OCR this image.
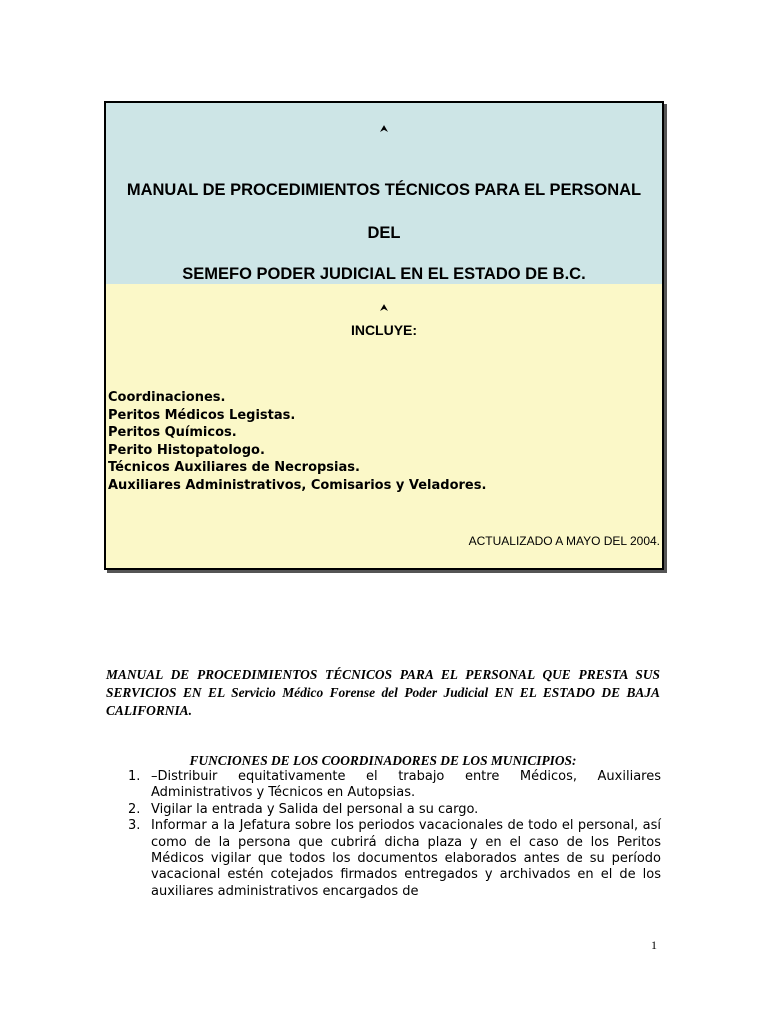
⮝
MANUAL DE PROCEDIMIENTOS TÉCNICOS PARA EL PERSONAL
DEL
SEMEFO PODER JUDICIAL EN EL ESTADO DE B.C.
⮝
INCLUYE:
Coordinaciones.
Peritos Médicos Legistas.
Peritos Químicos.
Perito Histopatologo.
Técnicos Auxiliares de Necropsias.
Auxiliares Administrativos, Comisarios y Veladores.
ACTUALIZADO A MAYO DEL 2004.

MANUAL DE PROCEDIMIENTOS TÉCNICOS PARA EL PERSONAL QUE PRESTA SUS SERVICIOS EN EL Servicio Médico Forense del Poder Judicial EN EL ESTADO DE BAJA CALIFORNIA.

FUNCIONES DE LOS COORDINADORES DE LOS MUNICIPIOS:

1. –Distribuir equitativamente el trabajo entre Médicos, Auxiliares Administrativos y Técnicos en Autopsias.
2. Vigilar la entrada y Salida del personal a su cargo.
3. Informar a la Jefatura sobre los periodos vacacionales de todo el personal, así como de la persona que cubrirá dicha plaza y en el caso de los Peritos Médicos vigilar que todos los documentos elaborados antes de su período vacacional estén cotejados firmados entregados y archivados en el de los auxiliares administrativos encargados de
1
